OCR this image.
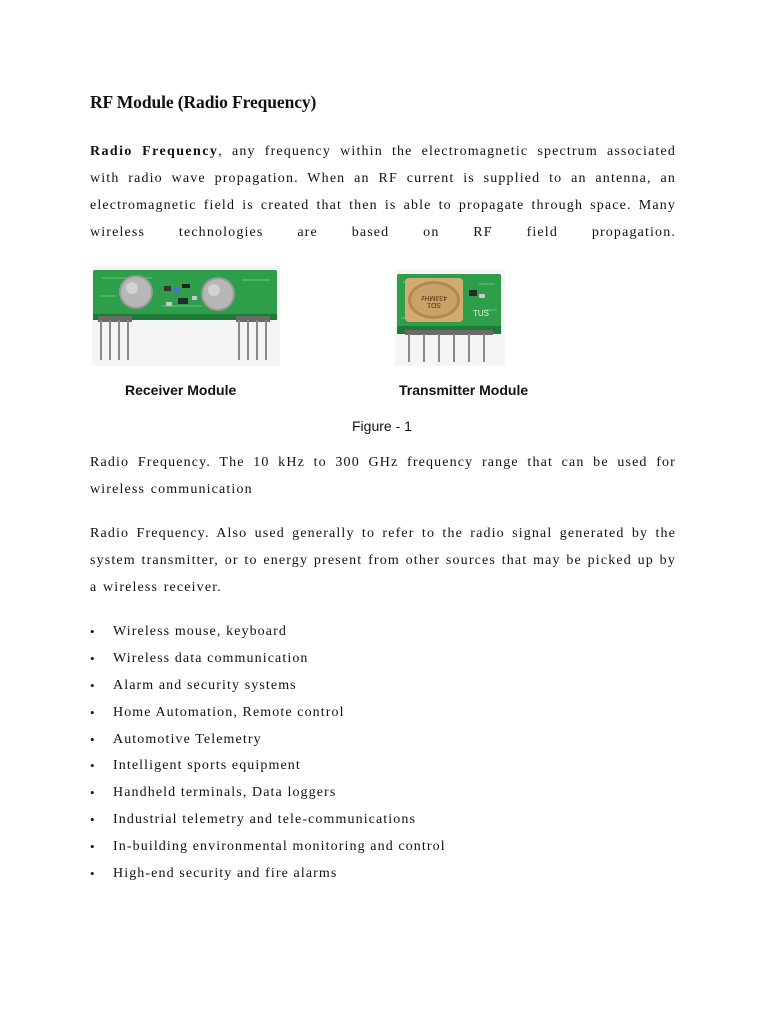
RF Module (Radio Frequency)

Radio Frequency, any frequency within the electromagnetic spectrum associated with radio wave propagation. When an RF current is supplied to an antenna, an electromagnetic field is created that then is able to propagate through space. Many wireless technologies are based on RF field propagation.

433MHz
SD1
TUS

Receiver Module	Transmitter Module

Figure - 1

Radio Frequency. The 10 kHz to 300 GHz frequency range that can be used for wireless communication

Radio Frequency. Also used generally to refer to the radio signal generated by the system transmitter, or to energy present from other sources that may be picked up by a wireless receiver.

• Wireless mouse, keyboard
• Wireless data communication
• Alarm and security systems
• Home Automation, Remote control
• Automotive Telemetry
• Intelligent sports equipment
• Handheld terminals, Data loggers
• Industrial telemetry and tele-communications
• In-building environmental monitoring and control
• High-end security and fire alarms
